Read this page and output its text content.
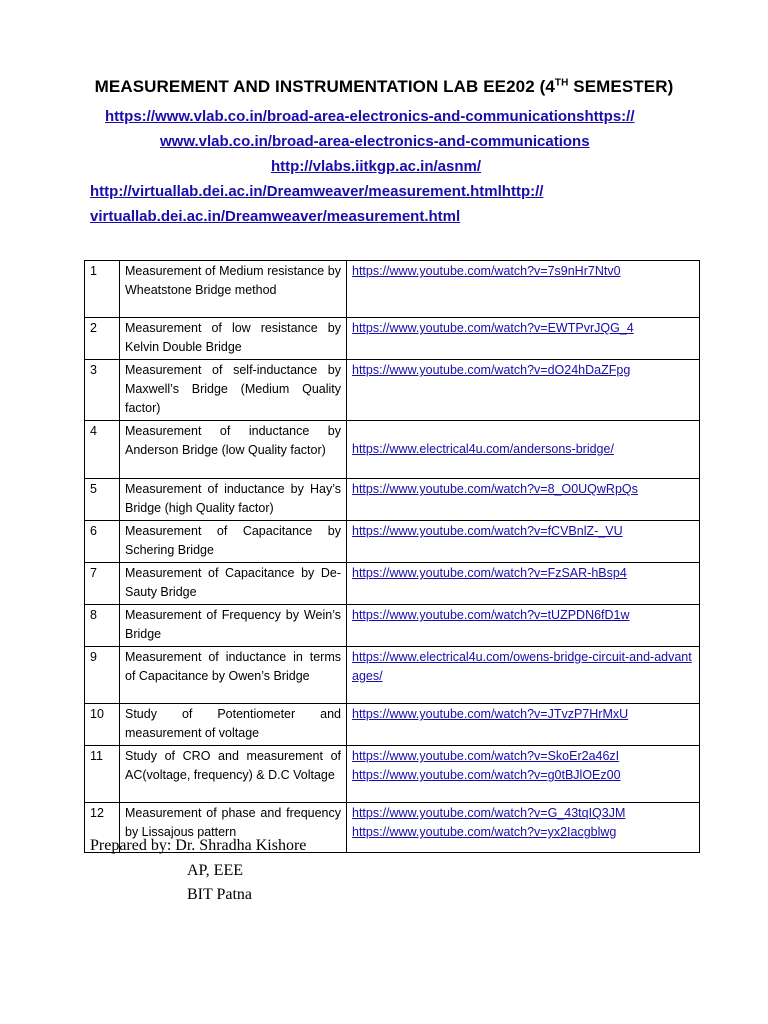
MEASUREMENT AND INSTRUMENTATION LAB EE202 (4TH SEMESTER)
https://www.vlab.co.in/broad-area-electronics-and-communicationshttps://
www.vlab.co.in/broad-area-electronics-and-communications
http://vlabs.iitkgp.ac.in/asnm/
http://virtuallab.dei.ac.in/Dreamweaver/measurement.htmlhttp://
virtuallab.dei.ac.in/Dreamweaver/measurement.html
1	Measurement of Medium resistance by Wheatstone Bridge method	https://www.youtube.com/watch?v=7s9nHr7Ntv0

2	Measurement of low resistance by Kelvin Double Bridge	https://www.youtube.com/watch?v=EWTPvrJQG_4

3	Measurement of self-inductance by Maxwell’s Bridge (Medium Quality factor)	https://www.youtube.com/watch?v=dO24hDaZFpg

4	Measurement of inductance by Anderson Bridge (low Quality factor)	https://www.electrical4u.com/andersons-bridge/

5	Measurement of inductance by Hay’s Bridge (high Quality factor)	https://www.youtube.com/watch?v=8_O0UQwRpQs

6	Measurement of Capacitance by Schering Bridge	https://www.youtube.com/watch?v=fCVBnlZ-_VU

7	Measurement of Capacitance by De- Sauty Bridge	https://www.youtube.com/watch?v=FzSAR-hBsp4

8	Measurement of Frequency by Wein’s Bridge	https://www.youtube.com/watch?v=tUZPDN6fD1w

9	Measurement of inductance in terms of Capacitance by Owen’s Bridge	https://www.electrical4u.com/owens-bridge-circuit-and-advantages/

10	Study of Potentiometer and measurement of voltage	https://www.youtube.com/watch?v=JTvzP7HrMxU

11	Study of CRO and measurement of AC(voltage, frequency) & D.C Voltage	https://www.youtube.com/watch?v=SkoEr2a46zI
https://www.youtube.com/watch?v=g0tBJlOEz00

12	Measurement of phase and frequency by Lissajous pattern	https://www.youtube.com/watch?v=G_43tqIQ3JM
https://www.youtube.com/watch?v=yx2Iacgblwg
Prepared by: Dr. Shradha Kishore
AP, EEE
BIT Patna
